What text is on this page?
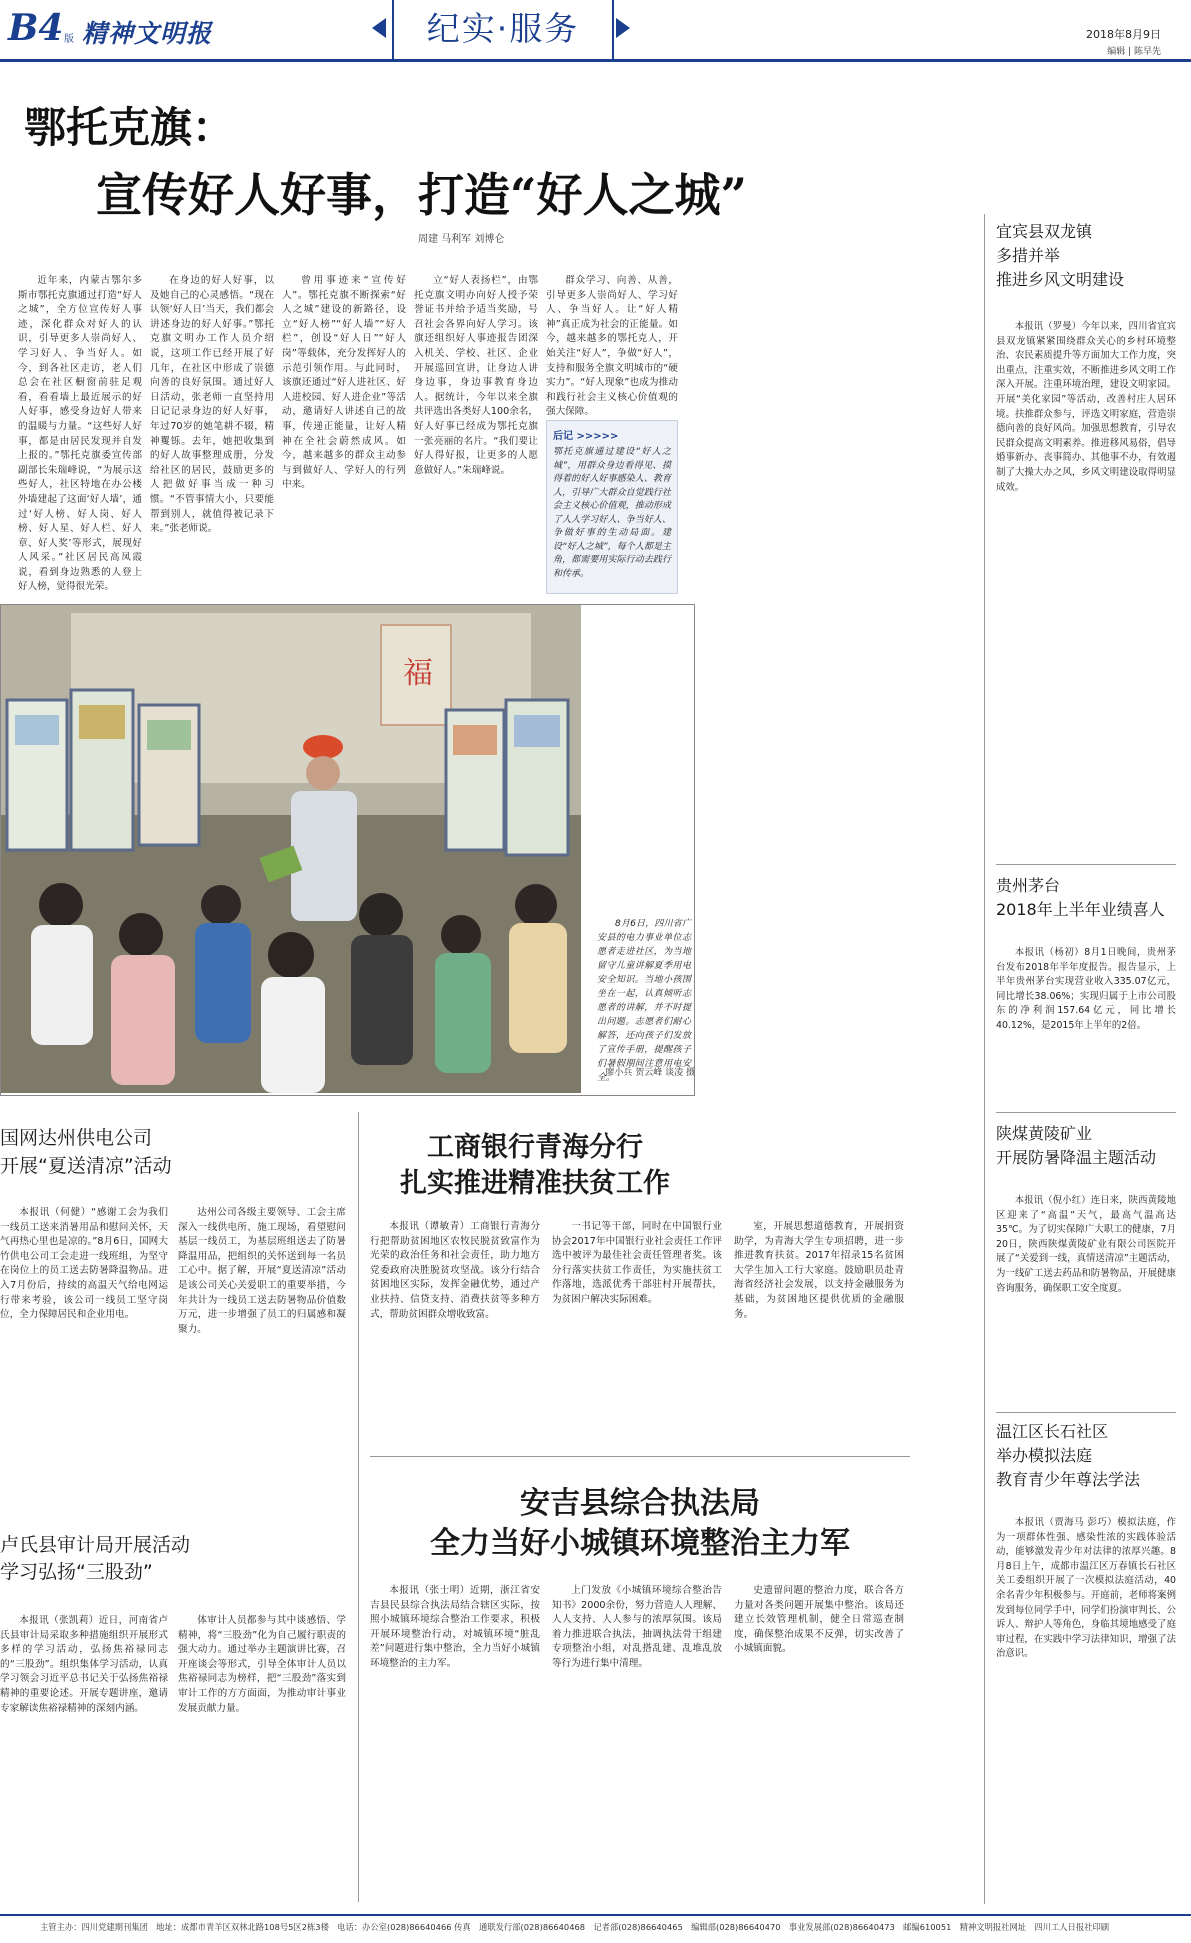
B4 版 精神文明报	纪实·服务	2018年8月9日
编辑 | 陈早先
鄂托克旗：
宣传好人好事，打造“好人之城”
周建 马利军 刘博仑

近年来，内蒙古鄂尔多斯市鄂托克旗通过打造“好人之城”，全方位宣传好人事迹，深化群众对好人的认识，引导更多人崇尚好人、学习好人、争当好人。如今，到各社区走访，老人们总会在社区橱窗前驻足观看，看看墙上最近展示的好人好事，感受身边好人带来的温暖与力量。“这些好人好事，都是由居民发现并自发上报的。”鄂托克旗委宣传部副部长朱瑞峰说，“为展示这些好人，社区特地在办公楼外墙建起了这面‘好人墙’，通过‘好人榜、好人岗、好人榜、好人星、好人栏、好人章、好人奖’等形式，展现好人风采。”社区居民高凤霞说，看到身边熟悉的人登上好人榜，觉得很光荣。

在身边的好人好事，以及她自己的心灵感悟。“现在认领‘好人日’当天，我们都会讲述身边的好人好事。”鄂托克旗文明办工作人员介绍说，这项工作已经开展了好几年，在社区中形成了崇德向善的良好氛围。通过好人日活动，张老师一直坚持用日记记录身边的好人好事，年过70岁的她笔耕不辍，精神矍铄。去年，她把收集到的好人故事整理成册，分发给社区的居民，鼓励更多的人把做好事当成一种习惯。“不管事情大小，只要能帮到别人，就值得被记录下来。”张老师说。

曾用事迹来“宣传好人”。鄂托克旗不断探索“好人之城”建设的新路径，设立“好人榜”“好人墙”“好人栏”，创设“好人日”“好人岗”等载体，充分发挥好人的示范引领作用。与此同时，该旗还通过“好人进社区、好人进校园、好人进企业”等活动，邀请好人讲述自己的故事，传递正能量，让好人精神在全社会蔚然成风。如今，越来越多的群众主动参与到做好人、学好人的行列中来。

立“好人表扬栏”，由鄂托克旗文明办向好人授予荣誉证书并给予适当奖励，号召社会各界向好人学习。该旗还组织好人事迹报告团深入机关、学校、社区、企业开展巡回宣讲，让身边人讲身边事，身边事教育身边人。据统计，今年以来全旗共评选出各类好人100余名，好人好事已经成为鄂托克旗一张亮丽的名片。“我们要让好人得好报，让更多的人愿意做好人。”朱瑞峰说。

群众学习、向善、从善，引导更多人崇尚好人、学习好人、争当好人。让“好人精神”真正成为社会的正能量。如今，越来越多的鄂托克人，开始关注“好人”，争做“好人”，支持和服务全旗文明城市的“硬实力”。“好人现象”也成为推动和践行社会主义核心价值观的强大保障。

后记 >>>>>
鄂托克旗通过建设“好人之城”，用群众身边看得见、摸得着的好人好事感染人、教育人，引导广大群众自觉践行社会主义核心价值观，推动形成了人人学习好人、争当好人、争做好事的生动局面。建设“好人之城”，每个人都是主角，都需要用实际行动去践行和传承。
福
8月6日，四川省广安县的电力事业单位志愿者走进社区，为当地留守儿童讲解夏季用电安全知识。当地小孩围坐在一起，认真倾听志愿者的讲解，并不时提出问题。志愿者们耐心解答，还向孩子们发放了宣传手册，提醒孩子们暑假期间注意用电安全。
廖小兵 贺云峰 谈凌 摄
国网达州供电公司
开展“夏送清凉”活动

本报讯（何健）“感谢工会为我们一线员工送来消暑用品和慰问关怀，天气再热心里也是凉的。”8月6日，国网大竹供电公司工会走进一线班组，为坚守在岗位上的员工送去防暑降温物品。进入7月份后，持续的高温天气给电网运行带来考验，该公司一线员工坚守岗位，全力保障居民和企业用电。

达州公司各级主要领导、工会主席深入一线供电所、施工现场，看望慰问基层一线员工，为基层班组送去了防暑降温用品，把组织的关怀送到每一名员工心中。据了解，开展“夏送清凉”活动是该公司关心关爱职工的重要举措，今年共计为一线员工送去防暑物品价值数万元，进一步增强了员工的归属感和凝聚力。

卢氏县审计局开展活动
学习弘扬“三股劲”

本报讯（张凯莉）近日，河南省卢氏县审计局采取多种措施组织开展形式多样的学习活动，弘扬焦裕禄同志的“三股劲”。组织集体学习活动，认真学习领会习近平总书记关于弘扬焦裕禄精神的重要论述。开展专题讲座，邀请专家解读焦裕禄精神的深刻内涵。

体审计人员都参与其中谈感悟、学精神，将“三股劲”化为自己履行职责的强大动力。通过举办主题演讲比赛，召开座谈会等形式，引导全体审计人员以焦裕禄同志为榜样，把“三股劲”落实到审计工作的方方面面，为推动审计事业发展贡献力量。

工商银行青海分行
扎实推进精准扶贫工作

本报讯（谭敏青）工商银行青海分行把帮助贫困地区农牧民脱贫致富作为光荣的政治任务和社会责任，助力地方党委政府决胜脱贫攻坚战。该分行结合贫困地区实际，发挥金融优势，通过产业扶持、信贷支持、消费扶贫等多种方式，帮助贫困群众增收致富。

一书记等干部，同时在中国银行业协会2017年中国银行业社会责任工作评选中被评为最佳社会责任管理者奖。该分行落实扶贫工作责任，为实施扶贫工作落地，选派优秀干部驻村开展帮扶，为贫困户解决实际困难。

室，开展思想道德教育，开展捐资助学，为青海大学生专项招聘，进一步推进教育扶贫。2017年招录15名贫困大学生加入工行大家庭。鼓励职员赴青海省经济社会发展，以支持金融服务为基础，为贫困地区提供优质的金融服务。

安吉县综合执法局
全力当好小城镇环境整治主力军

本报讯（张士明）近期，浙江省安吉县民县综合执法局结合辖区实际，按照小城镇环境综合整治工作要求，积极开展环境整治行动，对城镇环境“脏乱差”问题进行集中整治，全力当好小城镇环境整治的主力军。

上门发放《小城镇环境综合整治告知书》2000余份，努力营造人人理解、人人支持、人人参与的浓厚氛围。该局着力推进联合执法，抽调执法骨干组建专项整治小组，对乱搭乱建、乱堆乱放等行为进行集中清理。

史遗留问题的整治力度，联合各方力量对各类问题开展集中整治。该局还建立长效管理机制，健全日常巡查制度，确保整治成果不反弹，切实改善了小城镇面貌。

宜宾县双龙镇
多措并举
推进乡风文明建设
本报讯（罗曼）今年以来，四川省宜宾县双龙镇紧紧围绕群众关心的乡村环境整治、农民素质提升等方面加大工作力度，突出重点，注重实效，不断推进乡风文明工作深入开展。注重环境治理，建设文明家园。开展“美化家园”等活动，改善村庄人居环境。扶推群众参与，评选文明家庭，营造崇德向善的良好风尚。加强思想教育，引导农民群众提高文明素养。推进移风易俗，倡导婚事新办、丧事简办、其他事不办，有效遏制了大操大办之风，乡风文明建设取得明显成效。
贵州茅台
2018年上半年业绩喜人
本报讯（杨初）8月1日晚间，贵州茅台发布2018年半年度报告。报告显示，上半年贵州茅台实现营业收入335.07亿元，同比增长38.06%；实现归属于上市公司股东的净利润157.64亿元，同比增长40.12%，是2015年上半年的2倍。
陕煤黄陵矿业
开展防暑降温主题活动
本报讯（倪小红）连日来，陕西黄陵地区迎来了“高温”天气，最高气温高达35℃。为了切实保障广大职工的健康，7月20日，陕西陕煤黄陵矿业有限公司医院开展了“关爱到一线，真情送清凉”主题活动，为一线矿工送去药品和防暑物品，开展健康咨询服务，确保职工安全度夏。
温江区长石社区
举办模拟法庭
教育青少年尊法学法
本报讯（贾海马 彭巧）模拟法庭，作为一项群体性强、感染性浓的实践体验活动，能够激发青少年对法律的浓厚兴趣。8月8日上午，成都市温江区万春镇长石社区关工委组织开展了一次模拟法庭活动，40余名青少年积极参与。开庭前，老师将案例发到每位同学手中，同学们扮演审判长、公诉人、辩护人等角色，身临其境地感受了庭审过程，在实践中学习法律知识，增强了法治意识。
主管主办：四川党建期刊集团　地址：成都市青羊区双林北路108号5区2栋3楼　电话：办公室(028)86640466 传真　通联发行部(028)86640468　记者部(028)86640465　编辑部(028)86640470　事业发展部(028)86640473　邮编610051　精神文明报社网址　四川工人日报社印刷
